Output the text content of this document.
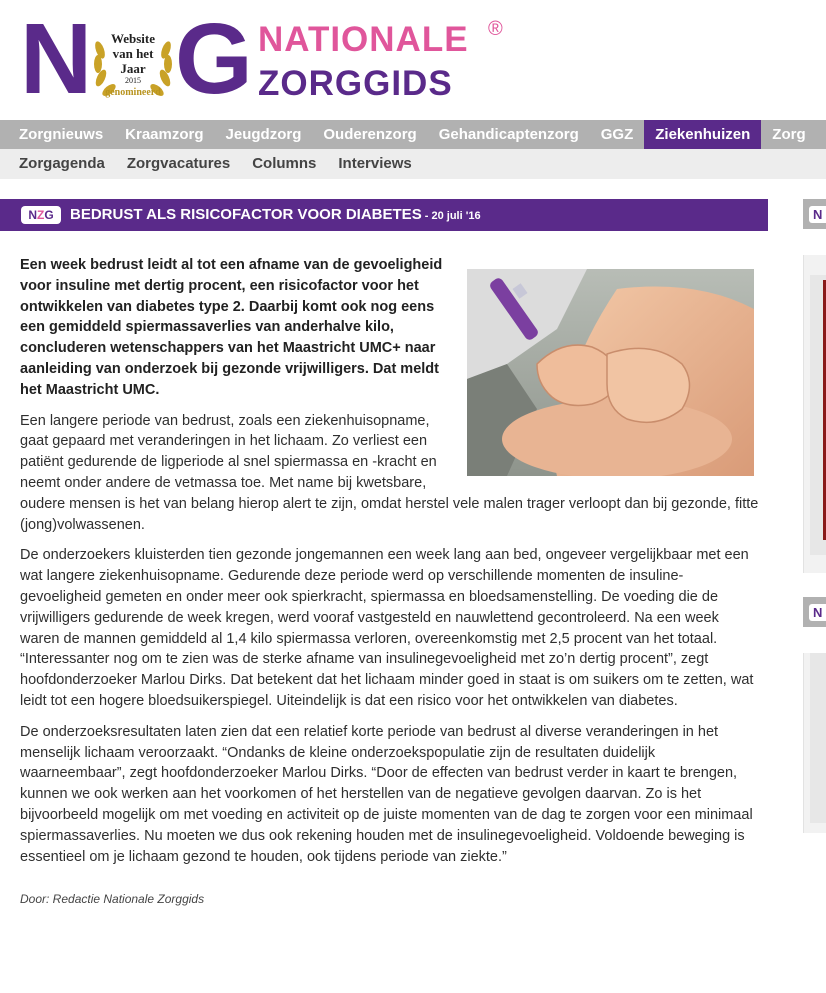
N	Website
van het
Jaar
2015
genomineerd G NATIONALE ®
ZORGGIDS
Zorgnieuws Kraamzorg Jeugdzorg Ouderenzorg Gehandicaptenzorg GGZ Ziekenhuizen Zorg
Zorgagenda Zorgvacatures Columns Interviews
NZG	BEDRUST ALS RISICOFACTOR VOOR DIABETES - 20 juli '16

Een week bedrust leidt al tot een afname van de gevoeligheid voor insuline met dertig procent, een risicofactor voor het ontwikkelen van diabetes type 2. Daarbij komt ook nog eens een gemiddeld spiermassaverlies van anderhalve kilo, concluderen wetenschappers van het Maastricht UMC+ naar aanleiding van onderzoek bij gezonde vrijwilligers. Dat meldt het Maastricht UMC.

Een langere periode van bedrust, zoals een ziekenhuisopname, gaat gepaard met veranderingen in het lichaam. Zo verliest een patiënt gedurende de ligperiode al snel spiermassa en -kracht en neemt onder andere de vetmassa toe. Met name bij kwetsbare, oudere mensen is het van belang hierop alert te zijn, omdat herstel vele malen trager verloopt dan bij gezonde, fitte (jong)volwassenen.

De onderzoekers kluisterden tien gezonde jongemannen een week lang aan bed, ongeveer vergelijkbaar met een wat langere ziekenhuisopname. Gedurende deze periode werd op verschillende momenten de insuline-gevoeligheid gemeten en onder meer ook spierkracht, spiermassa en bloedsamenstelling. De voeding die de vrijwilligers gedurende de week kregen, werd vooraf vastgesteld en nauwlettend gecontroleerd. Na een week waren de mannen gemiddeld al 1,4 kilo spiermassa verloren, overeenkomstig met 2,5 procent van het totaal. “Interessanter nog om te zien was de sterke afname van insulinegevoeligheid met zo’n dertig procent”, zegt hoofdonderzoeker Marlou Dirks. Dat betekent dat het lichaam minder goed in staat is om suikers om te zetten, wat leidt tot een hogere bloedsuikerspiegel. Uiteindelijk is dat een risico voor het ontwikkelen van diabetes.

De onderzoeksresultaten laten zien dat een relatief korte periode van bedrust al diverse veranderingen in het menselijk lichaam veroorzaakt. “Ondanks de kleine onderzoekspopulatie zijn de resultaten duidelijk waarneembaar”, zegt hoofdonderzoeker Marlou Dirks. “Door de effecten van bedrust verder in kaart te brengen, kunnen we ook werken aan het voorkomen of het herstellen van de negatieve gevolgen daarvan. Zo is het bijvoorbeeld mogelijk om met voeding en activiteit op de juiste momenten van de dag te zorgen voor een minimaal spiermassaverlies. Nu moeten we dus ook rekening houden met de insulinegevoeligheid. Voldoende beweging is essentieel om je lichaam gezond te houden, ook tijdens periode van ziekte.”

Door: Redactie Nationale Zorggids

N
N
